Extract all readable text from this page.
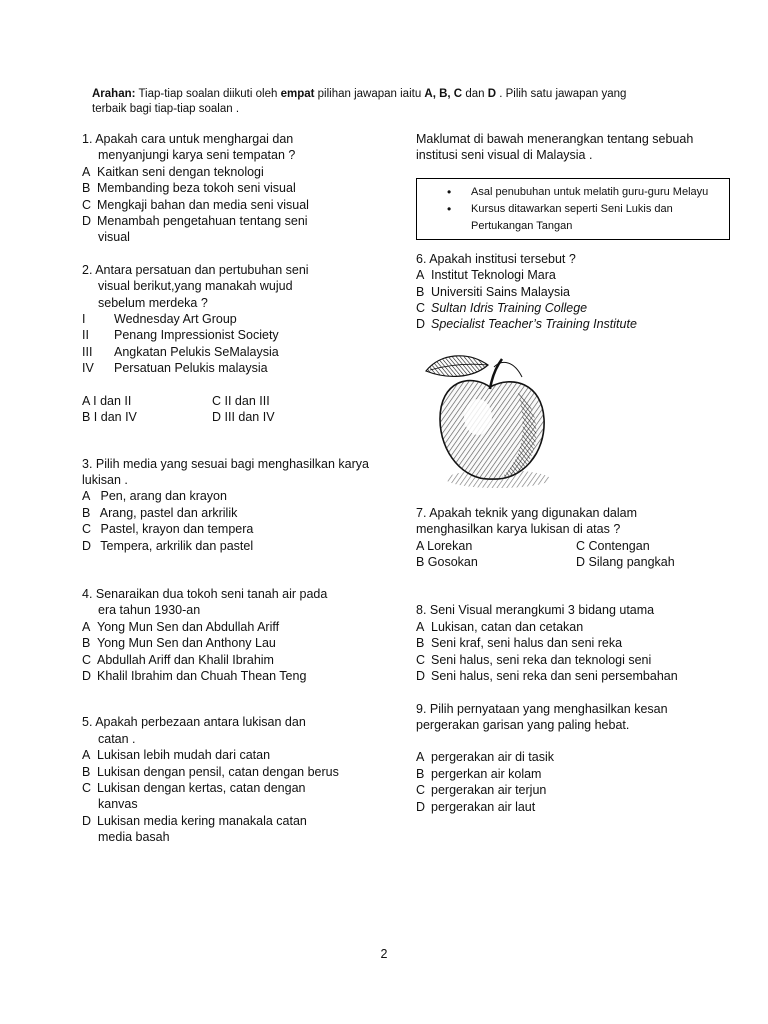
Arahan: Tiap-tiap soalan diikuti oleh empat pilihan jawapan iaitu A, B, C dan D . Pilih satu jawapan yang terbaik bagi tiap-tiap soalan .
1. Apakah cara untuk menghargai dan
menyanjungi karya seni tempatan ?
A Kaitkan seni dengan teknologi
B Membanding beza tokoh seni visual
C Mengkaji bahan dan media seni visual
D Menambah pengetahuan tentang seni
visual
2. Antara persatuan dan pertubuhan seni
visual berikut,yang manakah wujud
sebelum merdeka ?
I Wednesday Art Group
II Penang Impressionist Society
III Angkatan Pelukis SeMalaysia
IV Persatuan Pelukis malaysia
A I dan II	C II dan III
B I dan IV	D III dan IV
3. Pilih media yang sesuai bagi menghasilkan karya
lukisan .
A Pen, arang dan krayon
B Arang, pastel dan arkrilik
C Pastel, krayon dan tempera
D Tempera, arkrilik dan pastel
4. Senaraikan dua tokoh seni tanah air pada
era tahun 1930-an
A Yong Mun Sen dan Abdullah Ariff
B Yong Mun Sen dan Anthony Lau
C Abdullah Ariff dan Khalil Ibrahim
D Khalil Ibrahim dan Chuah Thean Teng
5. Apakah perbezaan antara lukisan dan
catan .
A Lukisan lebih mudah dari catan
B Lukisan dengan pensil, catan dengan berus
C Lukisan dengan kertas, catan dengan
kanvas
D Lukisan media kering manakala catan
media basah
Maklumat di bawah menerangkan tentang sebuah
institusi seni visual di Malaysia .
• Asal penubuhan untuk melatih guru-guru Melayu
• Kursus ditawarkan seperti Seni Lukis dan
Pertukangan Tangan
6. Apakah institusi tersebut ?
A Institut Teknologi Mara
B Universiti Sains Malaysia
C Sultan Idris Training College
D Specialist Teacher’s Training Institute
7. Apakah teknik yang digunakan dalam
menghasilkan karya lukisan di atas ?
A Lorekan	C Contengan
B Gosokan	D Silang pangkah
8. Seni Visual merangkumi 3 bidang utama
A Lukisan, catan dan cetakan
B Seni kraf, seni halus dan seni reka
C Seni halus, seni reka dan teknologi seni
D Seni halus, seni reka dan seni persembahan
9. Pilih pernyataan yang menghasilkan kesan
pergerakan garisan yang paling hebat.
A pergerakan air di tasik
B pergerkan air kolam
C pergerakan air terjun
D pergerakan air laut
2
